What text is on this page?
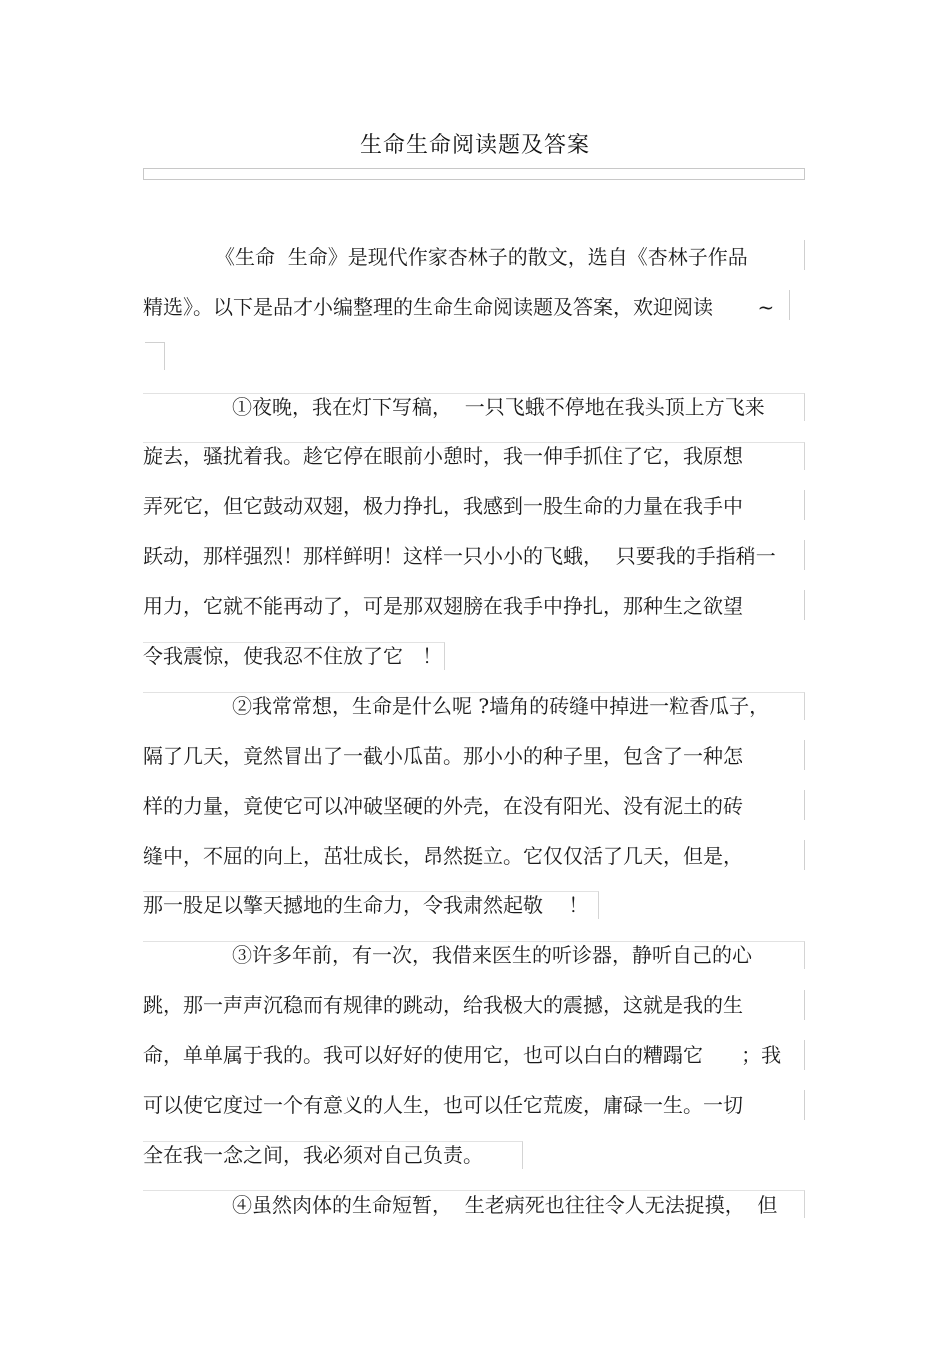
生命生命阅读题及答案
《生命  生命》是现代作家杏林子的散文，选自《杏林子作品
精选》。以下是品才小编整理的生命生命阅读题及答案，欢迎阅读       ~
①夜晚，我在灯下写稿，  一只飞蛾不停地在我头顶上方飞来
旋去，骚扰着我。趁它停在眼前小憩时，我一伸手抓住了它，我原想
弄死它，但它鼓动双翅，极力挣扎，我感到一股生命的力量在我手中
跃动，那样强烈！那样鲜明！这样一只小小的飞蛾，  只要我的手指稍一
用力，它就不能再动了，可是那双翅膀在我手中挣扎，那种生之欲望
令我震惊，使我忍不住放了它   ！
②我常常想，生命是什么呢 ?墙角的砖缝中掉进一粒香瓜子，
隔了几天，竟然冒出了一截小瓜苗。那小小的种子里，包含了一种怎
样的力量，竟使它可以冲破坚硬的外壳，在没有阳光、没有泥土的砖
缝中，不屈的向上，茁壮成长，昂然挺立。它仅仅活了几天，但是，
那一股足以擎天撼地的生命力，令我肃然起敬    ！
③许多年前，有一次，我借来医生的听诊器，静听自己的心
跳，那一声声沉稳而有规律的跳动，给我极大的震撼，这就是我的生
命，单单属于我的。我可以好好的使用它，也可以白白的糟蹋它      ；我
可以使它度过一个有意义的人生，也可以任它荒废，庸碌一生。一切
全在我一念之间，我必须对自己负责。
④虽然肉体的生命短暂，  生老病死也往往令人无法捉摸，  但
